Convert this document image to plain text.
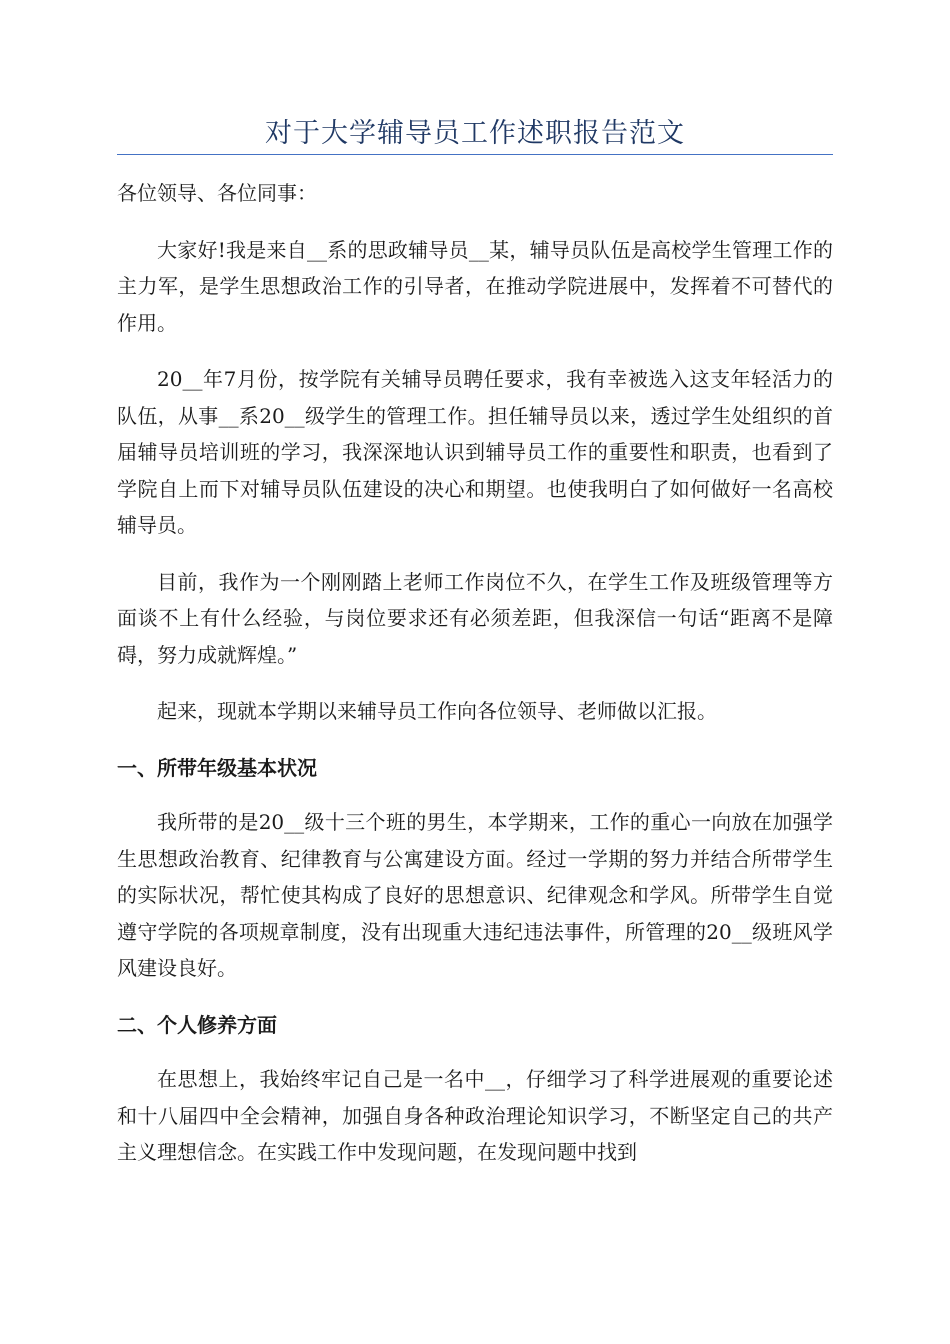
对于大学辅导员工作述职报告范文

各位领导、各位同事：

大家好!我是来自__系的思政辅导员__某，辅导员队伍是高校学生管理工作的主力军，是学生思想政治工作的引导者，在推动学院进展中，发挥着不可替代的作用。

20__年7月份，按学院有关辅导员聘任要求，我有幸被选入这支年轻活力的队伍，从事__系20__级学生的管理工作。担任辅导员以来，透过学生处组织的首届辅导员培训班的学习，我深深地认识到辅导员工作的重要性和职责，也看到了学院自上而下对辅导员队伍建设的决心和期望。也使我明白了如何做好一名高校辅导员。

目前，我作为一个刚刚踏上老师工作岗位不久，在学生工作及班级管理等方面谈不上有什么经验，与岗位要求还有必须差距，但我深信一句话“距离不是障碍，努力成就辉煌。”

起来，现就本学期以来辅导员工作向各位领导、老师做以汇报。

一、所带年级基本状况

我所带的是20__级十三个班的男生，本学期来，工作的重心一向放在加强学生思想政治教育、纪律教育与公寓建设方面。经过一学期的努力并结合所带学生的实际状况，帮忙使其构成了良好的思想意识、纪律观念和学风。所带学生自觉遵守学院的各项规章制度，没有出现重大违纪违法事件，所管理的20__级班风学风建设良好。

二、个人修养方面

在思想上，我始终牢记自己是一名中__，仔细学习了科学进展观的重要论述和十八届四中全会精神，加强自身各种政治理论知识学习，不断坚定自己的共产主义理想信念。在实践工作中发现问题，在发现问题中找到
